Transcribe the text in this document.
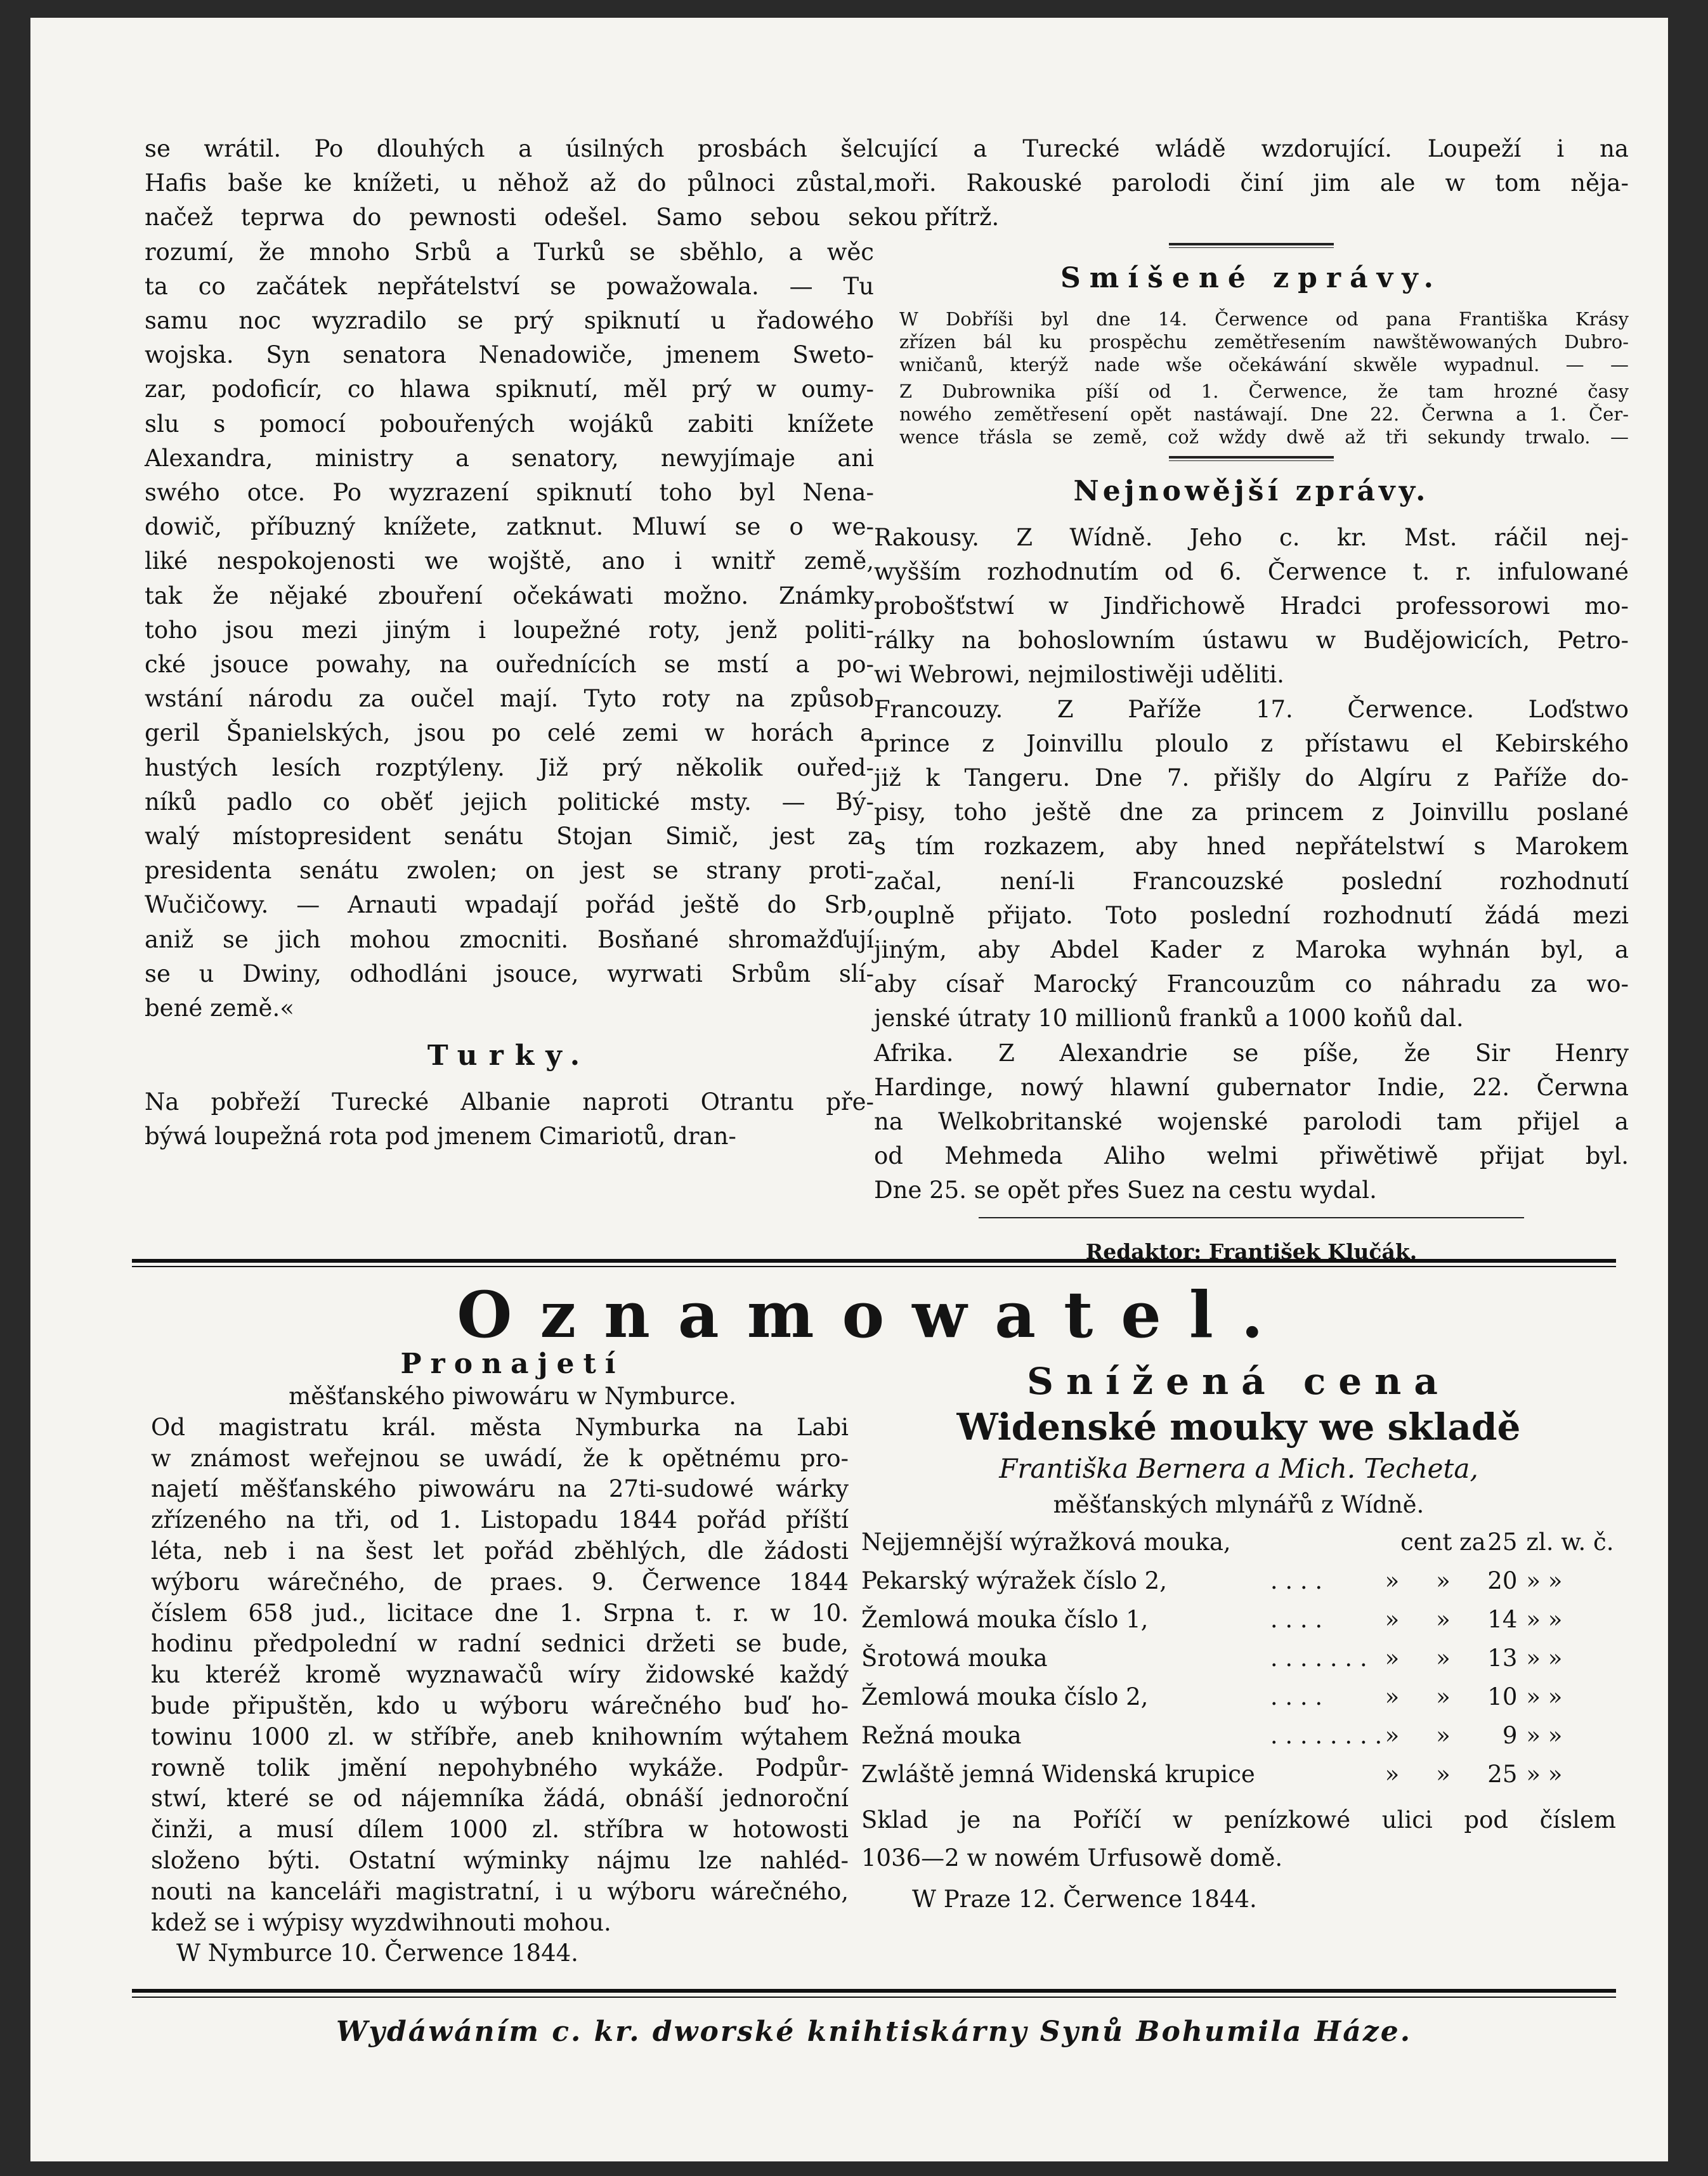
se wrátil. Po dlouhých a úsilných prosbách šel
Hafis baše ke knížeti, u něhož až do půlnoci zůstal,
načež teprwa do pewnosti odešel. Samo sebou se
rozumí, že mnoho Srbů a Turků se sběhlo, a wěc
ta co začátek nepřátelství se powažowala. — Tu
samu noc wyzradilo se prý spiknutí u řadowého
wojska. Syn senatora Nenadowiče, jmenem Sweto-
zar, podoficír, co hlawa spiknutí, měl prý w oumy-
slu s pomocí pobouřených wojáků zabiti knížete
Alexandra, ministry a senatory, newyjímaje ani
swého otce. Po wyzrazení spiknutí toho byl Nena-
dowič, příbuzný knížete, zatknut. Mluwí se o we-
liké nespokojenosti we wojště, ano i wnitř země,
tak že nějaké zbouření očekáwati možno. Známky
toho jsou mezi jiným i loupežné roty, jenž politi-
cké jsouce powahy, na ouřednících se mstí a po-
wstání národu za oučel mají. Tyto roty na způsob
geril Španielských, jsou po celé zemi w horách a
hustých lesích rozptýleny. Již prý několik ouřed-
níků padlo co oběť jejich politické msty. — Bý-
walý místopresident senátu Stojan Simič, jest za
presidenta senátu zwolen; on jest se strany proti-
Wučičowy. — Arnauti wpadají pořád ještě do Srb,
aniž se jich mohou zmocniti. Bosňané shromažďují
se u Dwiny, odhodláni jsouce, wyrwati Srbům slí-
bené země.«
Turky.
Na pobřeží Turecké Albanie naproti Otrantu pře-
býwá loupežná rota pod jmenem Cimariotů, dran-
cující a Turecké wládě wzdorující. Loupeží i na
moři. Rakouské parolodi činí jim ale w tom něja-
kou přítrž.
Smíšené zprávy.
W Dobříši byl dne 14. Čerwence od pana Františka Krásy
zřízen bál ku prospěchu zemětřesením nawštěwowaných Dubro-
wničanů, kterýž nade wše očekáwání skwěle wypadnul. — —
Z Dubrownika píší od 1. Čerwence, že tam hrozné časy
nowého zemětřesení opět nastáwají. Dne 22. Čerwna a 1. Čer-
wence třásla se země, což wždy dwě až tři sekundy trwalo. —
Nejnowější zprávy.
Rakousy. Z Wídně. Jeho c. kr. Mst. ráčil nej-
wyšším rozhodnutím od 6. Čerwence t. r. infulowané
probošťstwí w Jindřichowě Hradci professorowi mo-
rálky na bohoslowním ústawu w Budějowicích, Petro-
wi Webrowi, nejmilostiwěji uděliti.
Francouzy. Z Paříže 17. Čerwence. Loďstwo
prince z Joinvillu ploulo z přístawu el Kebirského
již k Tangeru. Dne 7. přišly do Algíru z Paříže do-
pisy, toho ještě dne za princem z Joinvillu poslané
s tím rozkazem, aby hned nepřátelstwí s Marokem
začal, není-li Francouzské poslední rozhodnutí
ouplně přijato. Toto poslední rozhodnutí žádá mezi
jiným, aby Abdel Kader z Maroka wyhnán byl, a
aby císař Marocký Francouzům co náhradu za wo-
jenské útraty 10 millionů franků a 1000 koňů dal.
Afrika. Z Alexandrie se píše, že Sir Henry
Hardinge, nowý hlawní gubernator Indie, 22. Čerwna
na Welkobritanské wojenské parolodi tam přijel a
od Mehmeda Aliho welmi přiwětiwě přijat byl.
Dne 25. se opět přes Suez na cestu wydal.
Redaktor: František Klučák.
Oznamowatel.
Pronajetí
měšťanského piwowáru w Nymburce.
Od magistratu král. města Nymburka na Labi
w známost weřejnou se uwádí, že k opětnému pro-
najetí měšťanského piwowáru na 27ti-sudowé wárky
zřízeného na tři, od 1. Listopadu 1844 pořád příští
léta, neb i na šest let pořád zběhlých, dle žádosti
wýboru wárečného, de praes. 9. Čerwence 1844
číslem 658 jud., licitace dne 1. Srpna t. r. w 10.
hodinu předpolední w radní sednici držeti se bude,
ku kteréž kromě wyznawačů wíry židowské každý
bude připuštěn, kdo u wýboru wárečného buď ho-
towinu 1000 zl. w stříbře, aneb knihowním wýtahem
rowně tolik jmění nepohybného wykáže. Podpůr-
stwí, které se od nájemníka žádá, obnáší jednoroční
činži, a musí dílem 1000 zl. stříbra w hotowosti
složeno býti. Ostatní wýminky nájmu lze nahléd-
nouti na kanceláři magistratní, i u wýboru wárečného,
kdež se i wýpisy wyzdwihnouti mohou.
W Nymburce 10. Čerwence 1844.
Snížená cena
Widenské mouky we skladě
Františka Bernera a Mich. Techeta,
měšťanských mlynářů z Wídně.
Nejjemnější wýražková mouka,			cent za	25	zl. w. č.
Pekarský wýražek číslo 2,	. . . .	»	»	20	» »
Žemlowá mouka číslo 1,	. . . .	»	»	14	» »
Šrotowá mouka	. . . . . . .	»	»	13	» »
Žemlowá mouka číslo 2,	. . . .	»	»	10	» »
Režná mouka	. . . . . . . .	»	»	9	» »
Zwláště jemná Widenská krupice		»	»	25	» »
Sklad je na Poříčí w penízkowé ulici pod číslem
1036—2 w nowém Urfusowě domě.
W Praze 12. Čerwence 1844.
Wydáwáním c. kr. dworské knihtiskárny Synů Bohumila Háze.
